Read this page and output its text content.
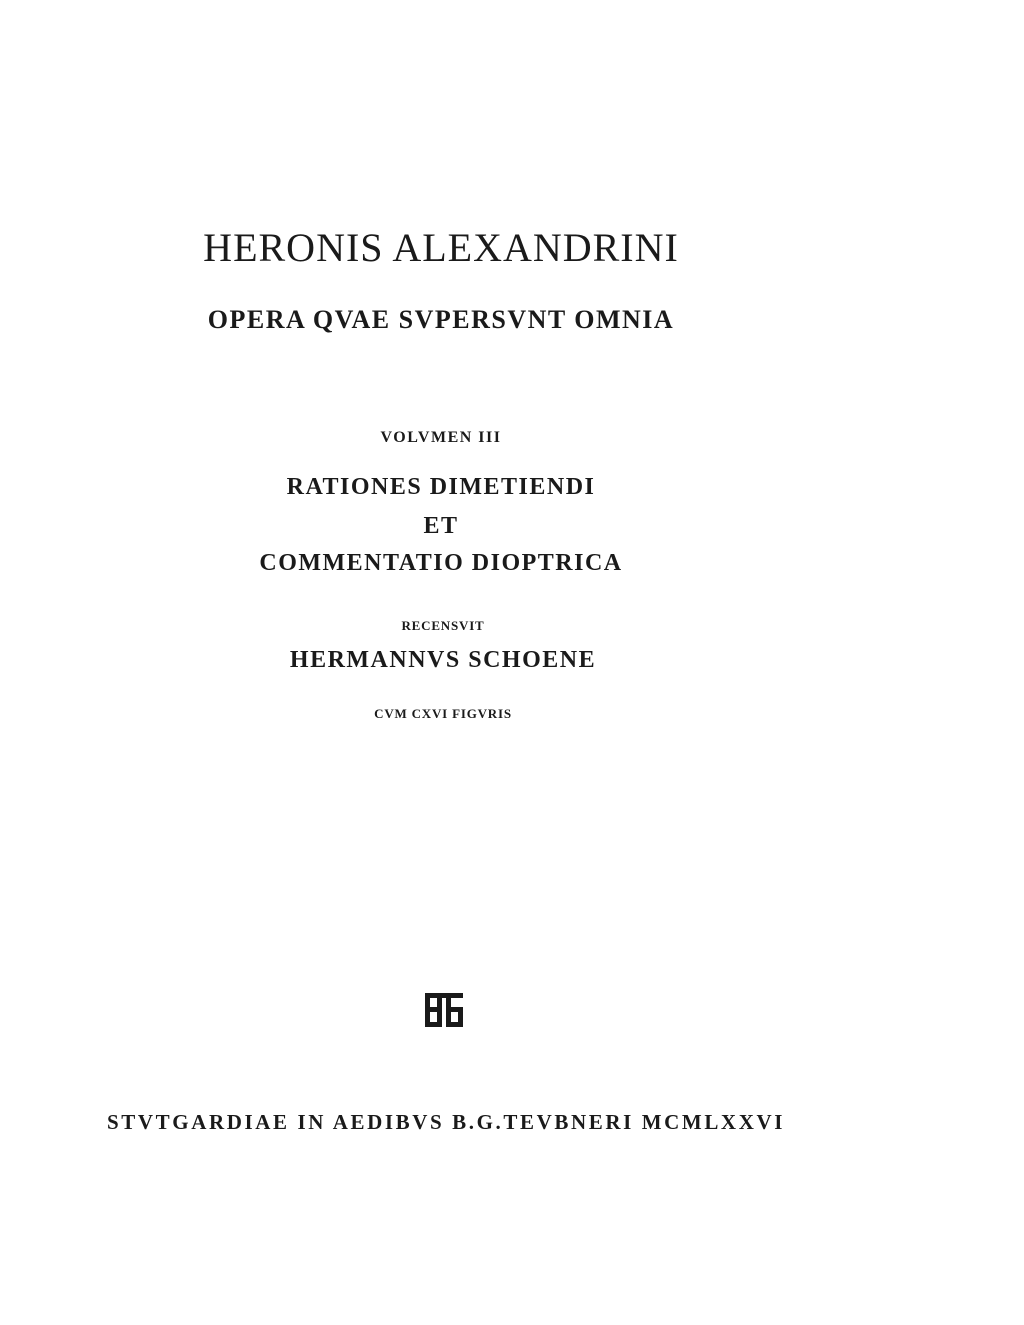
HERONIS ALEXANDRINI
OPERA QVAE SVPERSVNT OMNIA
VOLVMEN III
RATIONES DIMETIENDI
ET
COMMENTATIO DIOPTRICA
RECENSVIT
HERMANNVS SCHOENE
CVM CXVI FIGVRIS
STVTGARDIAE IN AEDIBVS B.G.TEVBNERI MCMLXXVI
